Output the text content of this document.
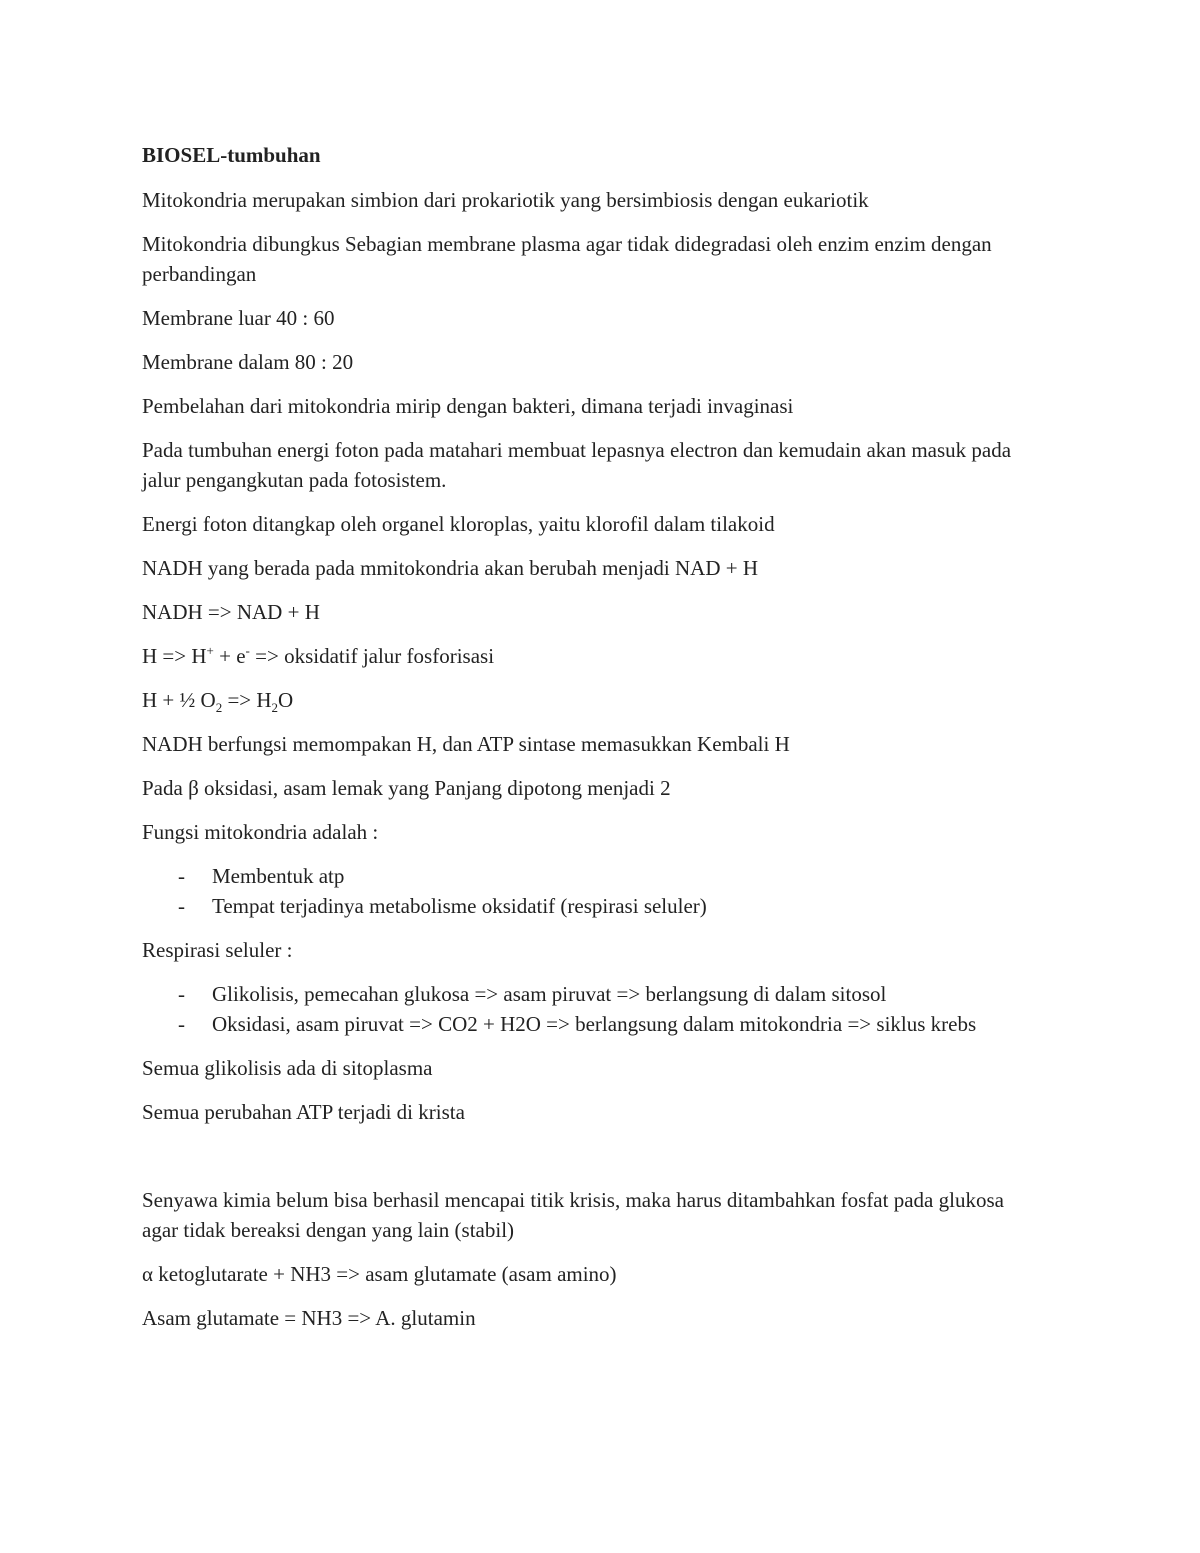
BIOSEL-tumbuhan

Mitokondria merupakan simbion dari prokariotik yang bersimbiosis dengan eukariotik

Mitokondria dibungkus Sebagian membrane plasma agar tidak didegradasi oleh enzim enzim dengan perbandingan

Membrane luar 40 : 60

Membrane dalam 80 : 20

Pembelahan dari mitokondria mirip dengan bakteri, dimana terjadi invaginasi

Pada tumbuhan energi foton pada matahari membuat lepasnya electron dan kemudain akan masuk pada jalur pengangkutan pada fotosistem.

Energi foton ditangkap oleh organel kloroplas, yaitu klorofil dalam tilakoid

NADH yang berada pada mmitokondria akan berubah menjadi NAD + H

NADH => NAD + H

H => H+ + e- => oksidatif jalur fosforisasi

H + ½ $O_2 => H_2O$

NADH berfungsi memompakan H, dan ATP sintase memasukkan Kembali H

Pada β oksidasi, asam lemak yang Panjang dipotong menjadi 2

Fungsi mitokondria adalah :

- Membentuk atp
- Tempat terjadinya metabolisme oksidatif (respirasi seluler)

Respirasi seluler :

- Glikolisis, pemecahan glukosa => asam piruvat => berlangsung di dalam sitosol
- Oksidasi, asam piruvat => CO2 + H2O => berlangsung dalam mitokondria => siklus krebs

Semua glikolisis ada di sitoplasma

Semua perubahan ATP terjadi di krista

Senyawa kimia belum bisa berhasil mencapai titik krisis, maka harus ditambahkan fosfat pada glukosa agar tidak bereaksi dengan yang lain (stabil)

α ketoglutarate + NH3 => asam glutamate (asam amino)

Asam glutamate = NH3 => A. glutamin
